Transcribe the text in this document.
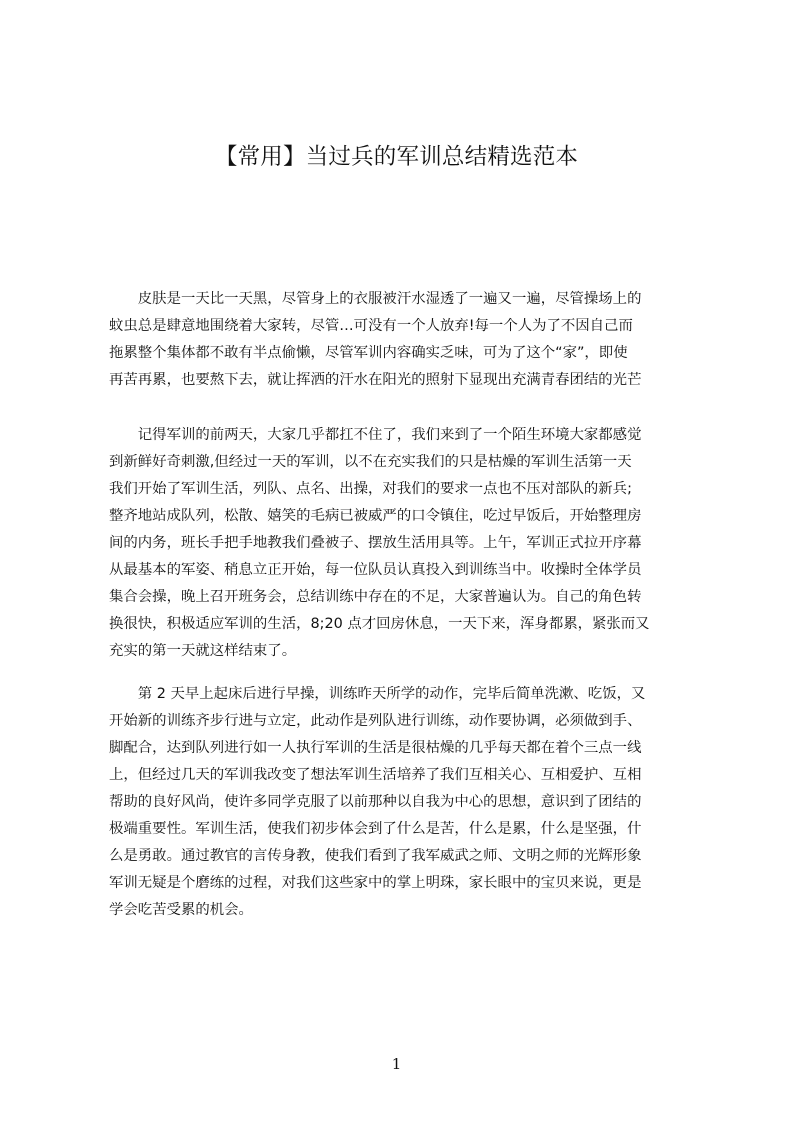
【常用】当过兵的军训总结精选范本
　　皮肤是一天比一天黑，尽管身上的衣服被汗水湿透了一遍又一遍，尽管操场上的
蚊虫总是肆意地围绕着大家转，尽管…可没有一个人放弃!每一个人为了不因自己而
拖累整个集体都不敢有半点偷懒，尽管军训内容确实乏味，可为了这个“家”，即使
再苦再累，也要熬下去，就让挥洒的汗水在阳光的照射下显现出充满青春团结的光芒
　　记得军训的前两天，大家几乎都扛不住了，我们来到了一个陌生环境大家都感觉
到新鲜好奇刺激,但经过一天的军训，以不在充实我们的只是枯燥的军训生活第一天
我们开始了军训生活，列队、点名、出操，对我们的要求一点也不压对部队的新兵;
整齐地站成队列，松散、嬉笑的毛病已被威严的口令镇住，吃过早饭后，开始整理房
间的内务，班长手把手地教我们叠被子、摆放生活用具等。上午，军训正式拉开序幕
从最基本的军姿、稍息立正开始，每一位队员认真投入到训练当中。收操时全体学员
集合会操，晚上召开班务会，总结训练中存在的不足，大家普遍认为。自己的角色转
换很快，积极适应军训的生活，8;20 点才回房休息，一天下来，浑身都累，紧张而又
充实的第一天就这样结束了。
　　第 2 天早上起床后进行早操，训练昨天所学的动作，完毕后简单洗漱、吃饭，又
开始新的训练齐步行进与立定，此动作是列队进行训练，动作要协调，必须做到手、
脚配合，达到队列进行如一人执行军训的生活是很枯燥的几乎每天都在着个三点一线
上，但经过几天的军训我改变了想法军训生活培养了我们互相关心、互相爱护、互相
帮助的良好风尚，使许多同学克服了以前那种以自我为中心的思想，意识到了团结的
极端重要性。军训生活，使我们初步体会到了什么是苦，什么是累，什么是坚强，什
么是勇敢。通过教官的言传身教，使我们看到了我军威武之师、文明之师的光辉形象
军训无疑是个磨练的过程，对我们这些家中的掌上明珠，家长眼中的宝贝来说，更是
学会吃苦受累的机会。
1
